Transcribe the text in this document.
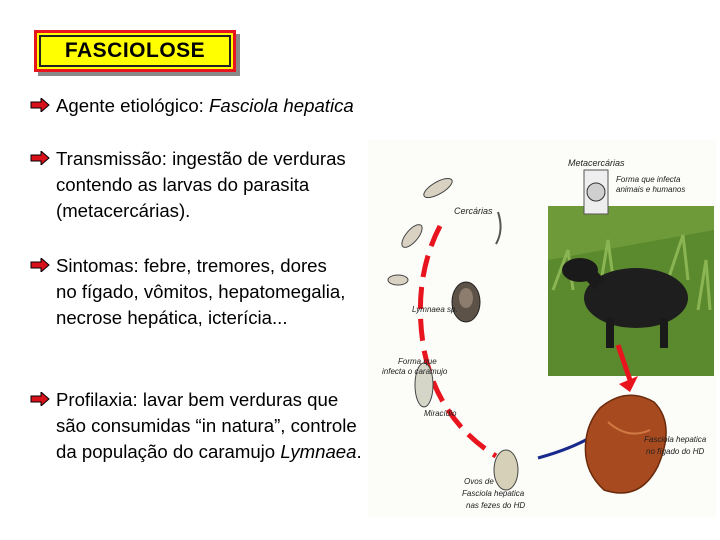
FASCIOLOSE
Agente etiológico: Fasciola hepatica
Transmissão: ingestão de verduras contendo as larvas do parasita (metacercárias).
Sintomas: febre, tremores, dores no fígado, vômitos, hepatomegalia, necrose hepática, icterícia...
Profilaxia: lavar bem verduras que são consumidas “in natura”, controle da população do caramujo Lymnaea.
Metacercárias
Forma que infecta
animais e humanos
Cercárias
Lymnaea sp.
Forma que
infecta o caramujo
Miracídio
Ovos de
Fasciola hepatica
nas fezes do HD
Fasciola hepatica
no fígado do HD
